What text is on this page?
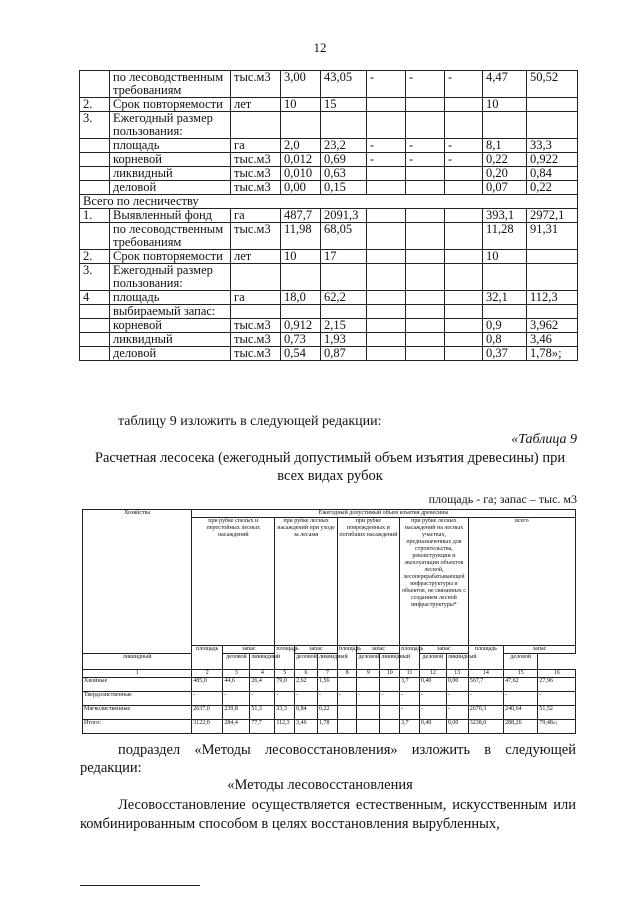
12
	по лесоводственным требованиям	тыс.м3	3,00	43,05	-	-	-	4,47	50,52
2.	Срок повторяемости	лет	10	15				10	
3.	Ежегодный размер пользования:								
	площадь	га	2,0	23,2	-	-	-	8,1	33,3
	корневой	тыс.м3	0,012	0,69	-	-	-	0,22	0,922
	ликвидный	тыс.м3	0,010	0,63				0,20	0,84
	деловой	тыс.м3	0,00	0,15				0,07	0,22
Всего по лесничеству									
1.	Выявленный фонд	га	487,7	2091,3				393,1	2972,1
	по лесоводственным требованиям	тыс.м3	11,98	68,05				11,28	91,31
2.	Срок повторяемости	лет	10	17				10	
3.	Ежегодный размер пользования:								
4	площадь	га	18,0	62,2				32,1	112,3
	выбираемый запас:								
	корневой	тыс.м3	0,912	2,15				0,9	3,962
	ликвидный	тыс.м3	0,73	1,93				0,8	3,46
	деловой	тыс.м3	0,54	0,87				0,37	1,78»;
таблицу 9 изложить в следующей редакции:
«Таблица 9
Расчетная лесосека (ежегодный допустимый объем изъятия древесины) при всех видах рубок
площадь - га; запас – тыс. м3
Хозяйства	Ежегодный допустимый объем изъятия древесины														
	при рубке спелых и перестойных лесных насаждений			при рубке лесных насаждений при уходе за лесами			при рубке поврежденных и погибших насаждений			при рубке лесных насаждений на лесных участках, предназначенных для строительства, реконструкции и эксплуатации объектов лесной, лесоперерабатывающей инфраструктуры и объектов, не связанных с созданием лесной инфраструктуры*			всего		
	площадь	запас		площадь	запас		площадь	запас		площадь	запас		площадь	запас	
ликвидный		деловой	ликвидный		деловой	ликвидный		деловой	ликвидный		деловой	ликвидный		деловой	
1	2	3	4	5	6	7	8	9	10	11	12	13	14	15	16
Хвойные	485,0	44,6	26,4	79,0	2,62	1,56				3,7	0,40	0,00	567,7	47,62	27,96
Твердолиственные	-	-	-	-	-	-	-	-	-	-	-	-	-	-	-
Мягколиственные	2637,0	239,8	51,3	33,3	0,84	0,22				-	-	-	2670,3	240,64	51,52
Итого:	3122,0	284,4	77,7	112,3	3,46	1,78				3,7	0,40	0,00	3238,0	288,26	79,48»;
подраздел «Методы лесовосстановления» изложить в следующей редакции:
«Методы лесовосстановления
Лесовосстановление осуществляется естественным, искусственным или комбинированным способом в целях восстановления вырубленных,
